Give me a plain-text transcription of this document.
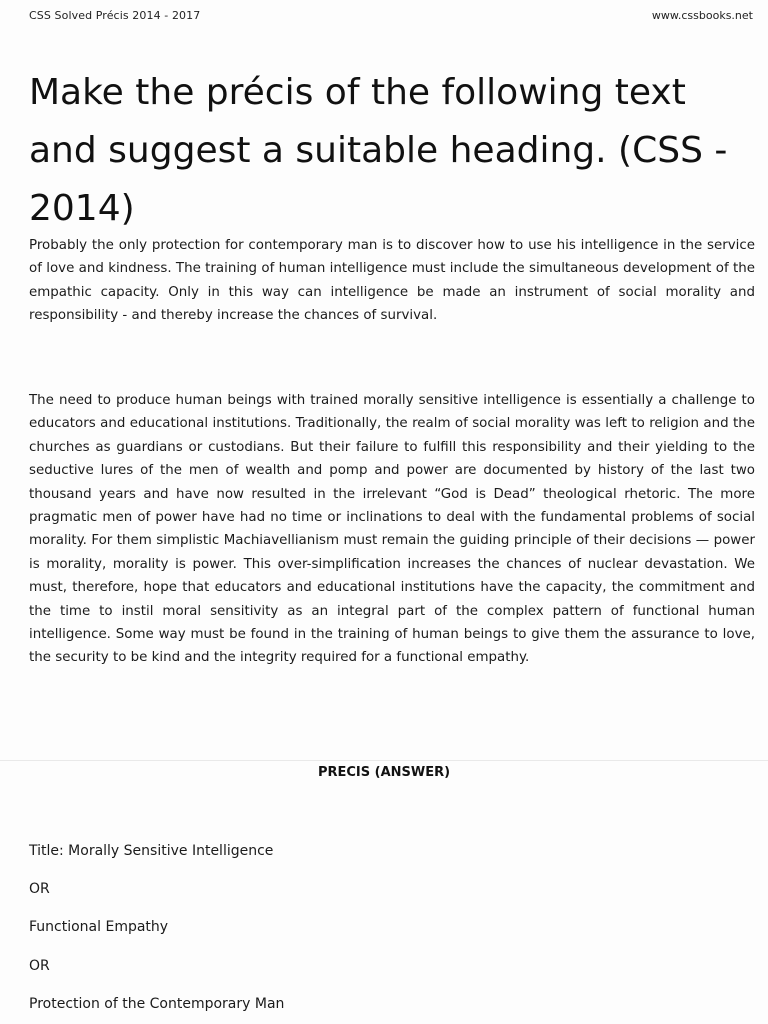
CSS Solved Précis 2014 - 2017	www.cssbooks.net
Make the précis of the following text and suggest a suitable heading. (CSS - 2014)

Probably the only protection for contemporary man is to discover how to use his intelligence in the service of love and kindness. The training of human intelligence must include the simultaneous development of the empathic capacity. Only in this way can intelligence be made an instrument of social morality and responsibility - and thereby increase the chances of survival.

The need to produce human beings with trained morally sensitive intelligence is essentially a challenge to educators and educational institutions. Traditionally, the realm of social morality was left to religion and the churches as guardians or custodians. But their failure to fulfill this responsibility and their yielding to the seductive lures of the men of wealth and pomp and power are documented by history of the last two thousand years and have now resulted in the irrelevant “God is Dead” theological rhetoric. The more pragmatic men of power have had no time or inclinations to deal with the fundamental problems of social morality. For them simplistic Machiavellianism must remain the guiding principle of their decisions — power is morality, morality is power. This over-simplification increases the chances of nuclear devastation. We must, therefore, hope that educators and educational institutions have the capacity, the commitment and the time to instil moral sensitivity as an integral part of the complex pattern of functional human intelligence. Some way must be found in the training of human beings to give them the assurance to love, the security to be kind and the integrity required for a functional empathy.

PRECIS (ANSWER)
Title: Morally Sensitive Intelligence
OR
Functional Empathy
OR
Protection of the Contemporary Man
